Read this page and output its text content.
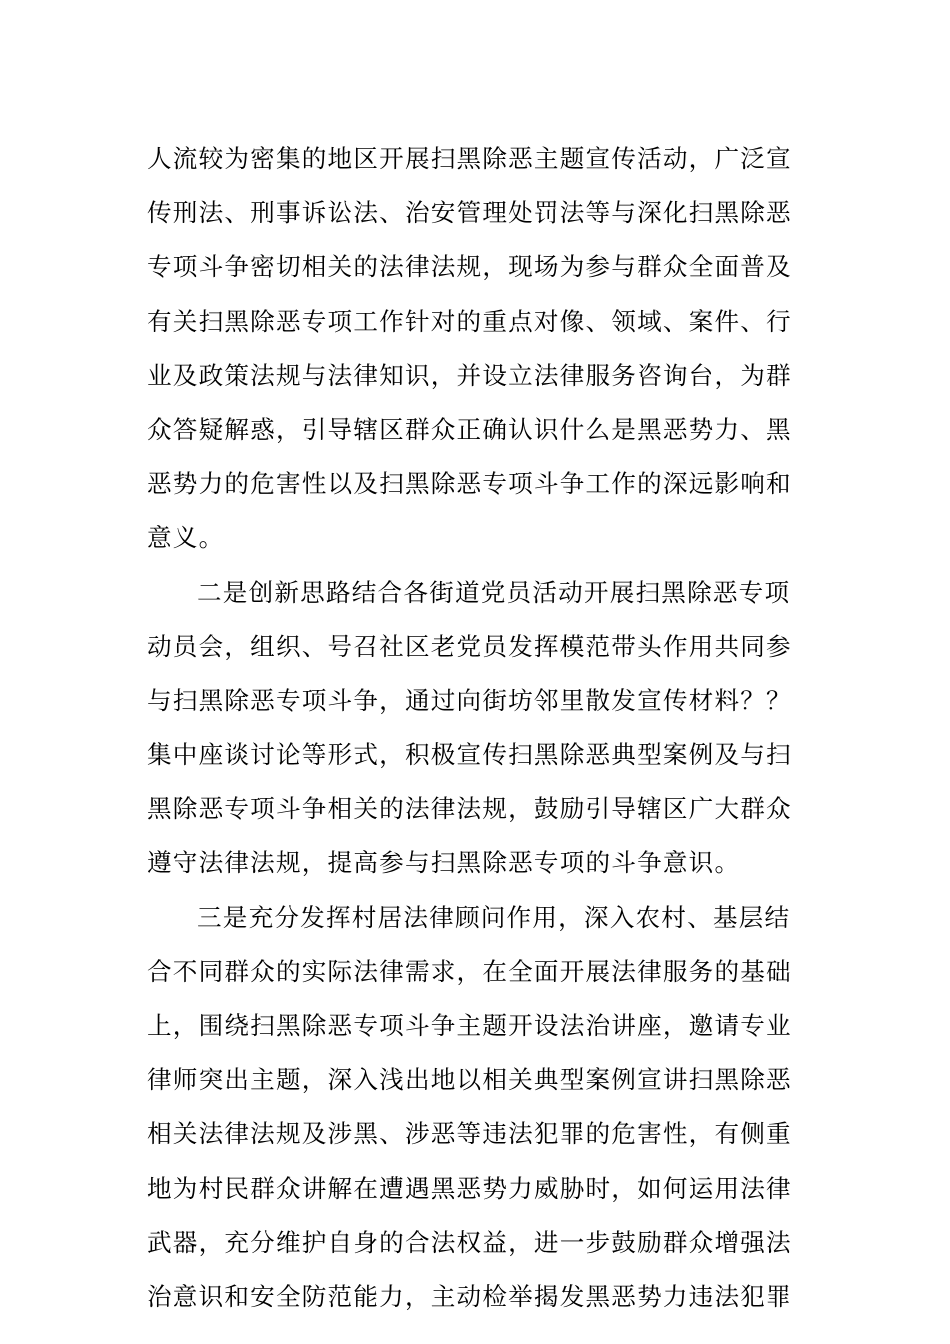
人流较为密集的地区开展扫黑除恶主题宣传活动，广泛宣
传刑法、刑事诉讼法、治安管理处罚法等与深化扫黑除恶
专项斗争密切相关的法律法规，现场为参与群众全面普及
有关扫黑除恶专项工作针对的重点对像、领域、案件、行
业及政策法规与法律知识，并设立法律服务咨询台，为群
众答疑解惑，引导辖区群众正确认识什么是黑恶势力、黑
恶势力的危害性以及扫黑除恶专项斗争工作的深远影响和
意义。
二是创新思路结合各街道党员活动开展扫黑除恶专项
动员会，组织、号召社区老党员发挥模范带头作用共同参
与扫黑除恶专项斗争，通过向街坊邻里散发宣传材料？？
集中座谈讨论等形式，积极宣传扫黑除恶典型案例及与扫
黑除恶专项斗争相关的法律法规，鼓励引导辖区广大群众
遵守法律法规，提高参与扫黑除恶专项的斗争意识。
三是充分发挥村居法律顾问作用，深入农村、基层结
合不同群众的实际法律需求，在全面开展法律服务的基础
上，围绕扫黑除恶专项斗争主题开设法治讲座，邀请专业
律师突出主题，深入浅出地以相关典型案例宣讲扫黑除恶
相关法律法规及涉黑、涉恶等违法犯罪的危害性，有侧重
地为村民群众讲解在遭遇黑恶势力威胁时，如何运用法律
武器，充分维护自身的合法权益，进一步鼓励群众增强法
治意识和安全防范能力，主动检举揭发黑恶势力违法犯罪
